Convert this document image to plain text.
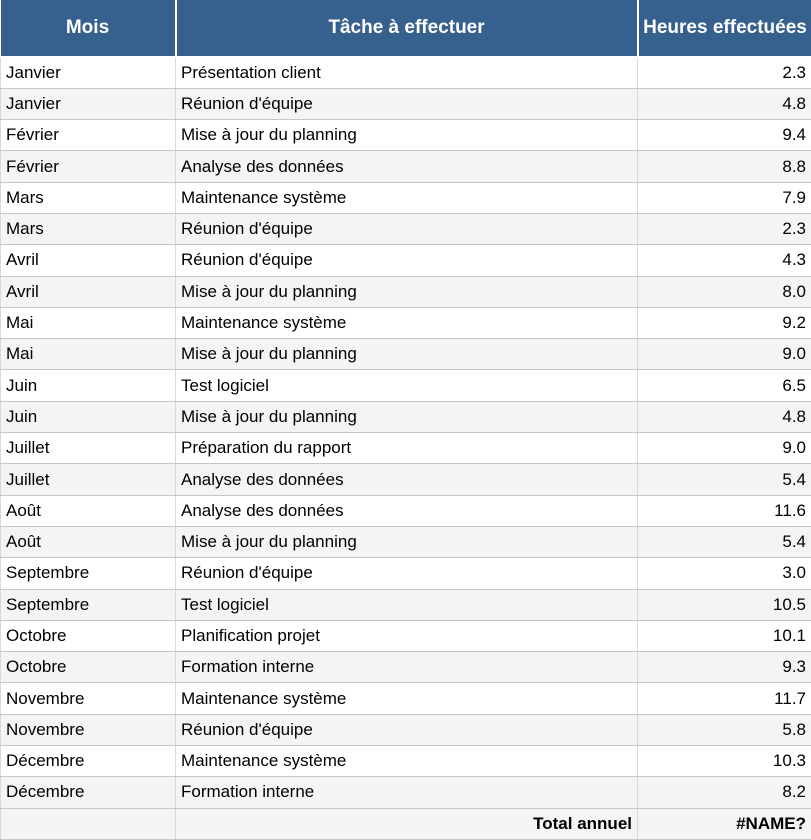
Mois	Tâche à effectuer	Heures effectuées

Janvier	Présentation client	2.3
Janvier	Réunion d'équipe	4.8
Février	Mise à jour du planning	9.4
Février	Analyse des données	8.8
Mars	Maintenance système	7.9
Mars	Réunion d'équipe	2.3
Avril	Réunion d'équipe	4.3
Avril	Mise à jour du planning	8.0
Mai	Maintenance système	9.2
Mai	Mise à jour du planning	9.0
Juin	Test logiciel	6.5
Juin	Mise à jour du planning	4.8
Juillet	Préparation du rapport	9.0
Juillet	Analyse des données	5.4
Août	Analyse des données	11.6
Août	Mise à jour du planning	5.4
Septembre	Réunion d'équipe	3.0
Septembre	Test logiciel	10.5
Octobre	Planification projet	10.1
Octobre	Formation interne	9.3
Novembre	Maintenance système	11.7
Novembre	Réunion d'équipe	5.8
Décembre	Maintenance système	10.3
Décembre	Formation interne	8.2
	Total annuel	#NAME?
